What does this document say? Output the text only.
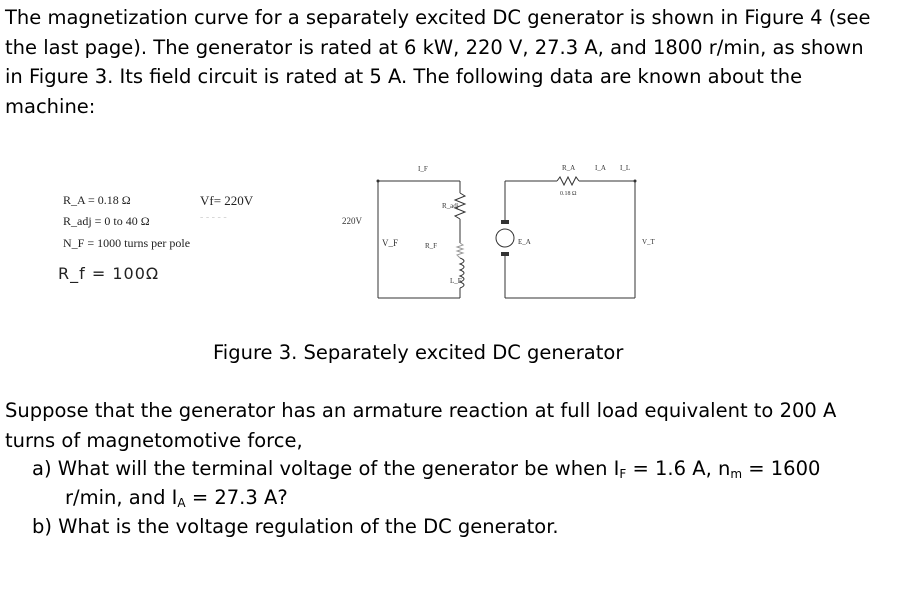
The magnetization curve for a separately excited DC generator is shown in Figure 4 (see the last page). The generator is rated at 6 kW, 220 V, 27.3 A, and 1800 r/min, as shown in Figure 3. Its field circuit is rated at 5 A. The following data are known about the machine:

R_A = 0.18 Ω
R_adj = 0 to 40 Ω
N_F = 1000 turns per pole
Vf= 220V
- - - - -
R_f = 100Ω
220V
V_F
I_F
R_adj
R_F
L_F
E_A
R_A
0.18 Ω
I_A I_L
V_T
Figure 3. Separately excited DC generator

Suppose that the generator has an armature reaction at full load equivalent to 200 A turns of magnetomotive force,

a) What will the terminal voltage of the generator be when $I_F = 1.6$ A, $n_m = 1600$
r/min, and $I_A = 27.3$ A?
b) What is the voltage regulation of the DC generator.
